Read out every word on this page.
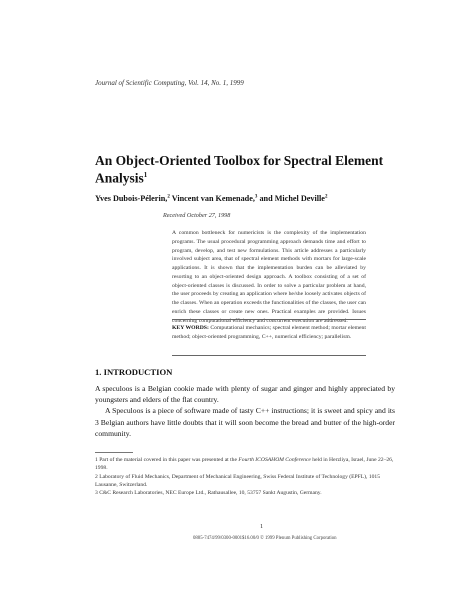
Journal of Scientific Computing, Vol. 14, No. 1, 1999
An Object-Oriented Toolbox for Spectral Element Analysis$^1$
Yves Dubois-Pélerin,$^2$ Vincent van Kemenade,$^3$ and Michel Deville$^2$
Received October 27, 1998
A common bottleneck for numericists is the complexity of the implementation programs. The usual procedural programming approach demands time and effort to program, develop, and test new formulations. This article addresses a particularly involved subject area, that of spectral element methods with mortars for large-scale applications. It is shown that the implementation burden can be alleviated by resorting to an object-oriented design approach. A toolbox consisting of a set of object-oriented classes is discussed. In order to solve a particular problem at hand, the user proceeds by creating an application where he/she loosely activates objects of the classes. When an operation exceeds the functionalities of the classes, the user can enrich these classes or create new ones. Practical examples are provided. Issues concerning computational efficiency and concurrent execution are addressed.
KEY WORDS: Computational mechanics; spectral element method; mortar element method; object-oriented programming, C++, numerical efficiency; parallelism.
1. INTRODUCTION

A speculoos is a Belgian cookie made with plenty of sugar and ginger and highly appreciated by youngsters and elders of the flat country.

A Speculoos is a piece of software made of tasty C++ instructions; it is sweet and spicy and its 3 Belgian authors have little doubts that it will soon become the bread and butter of the high-order community.

1 Part of the material covered in this paper was presented at the Fourth ICOSAHOM Conference held in Herzliya, Israel, June 22–26, 1998.

2 Laboratory of Fluid Mechanics, Department of Mechanical Engineering, Swiss Federal Institute of Technology (EPFL), 1015 Lausanne, Switzerland.

3 C&C Research Laboratories, NEC Europe Ltd., Rathausallee, 10, 53757 Sankt Augustin, Germany.

1
0885-7474/99/0300-0001$16.00/0 © 1999 Plenum Publishing Corporation
